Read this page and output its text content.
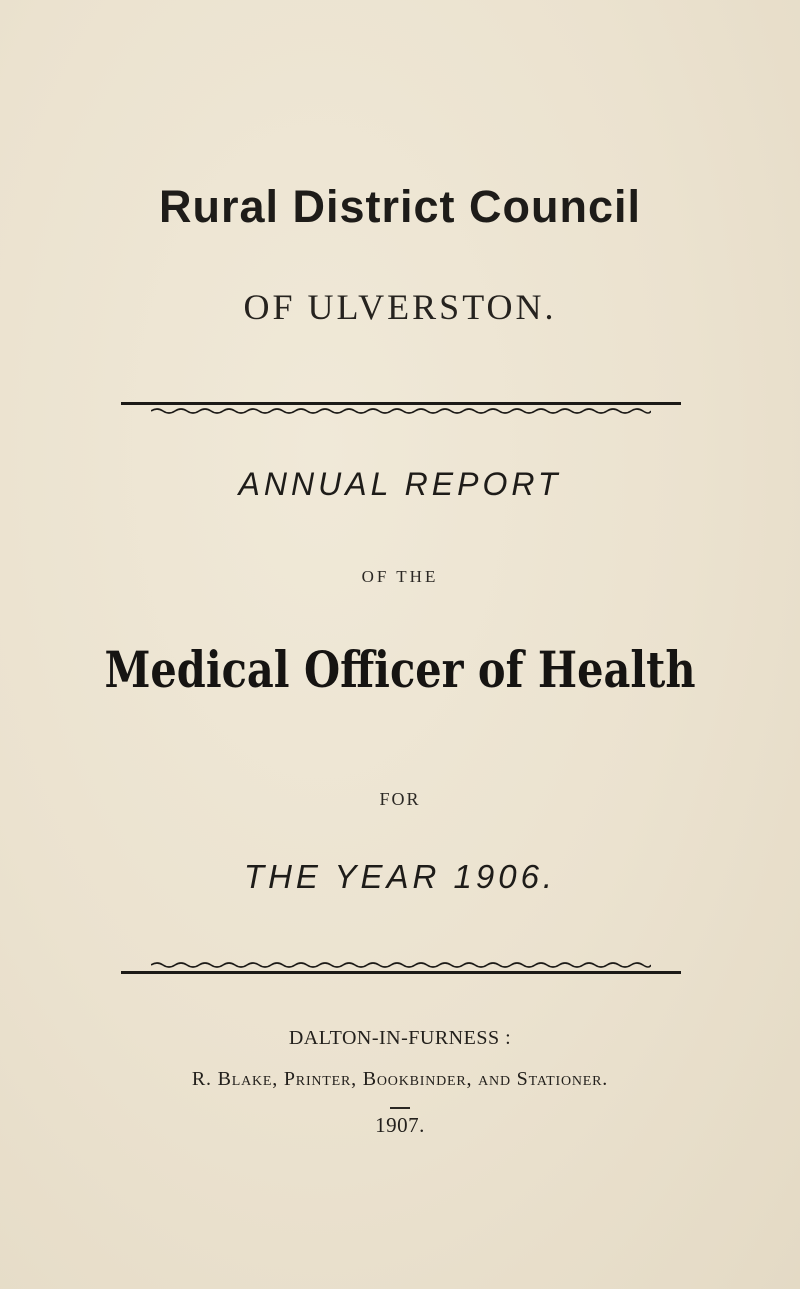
Rural District Council
OF ULVERSTON.
ANNUAL REPORT
OF THE
Medical Officer of Health
FOR
THE YEAR 1906.
DALTON-IN-FURNESS :
R. Blake, Printer, Bookbinder, and Stationer.
1907.
